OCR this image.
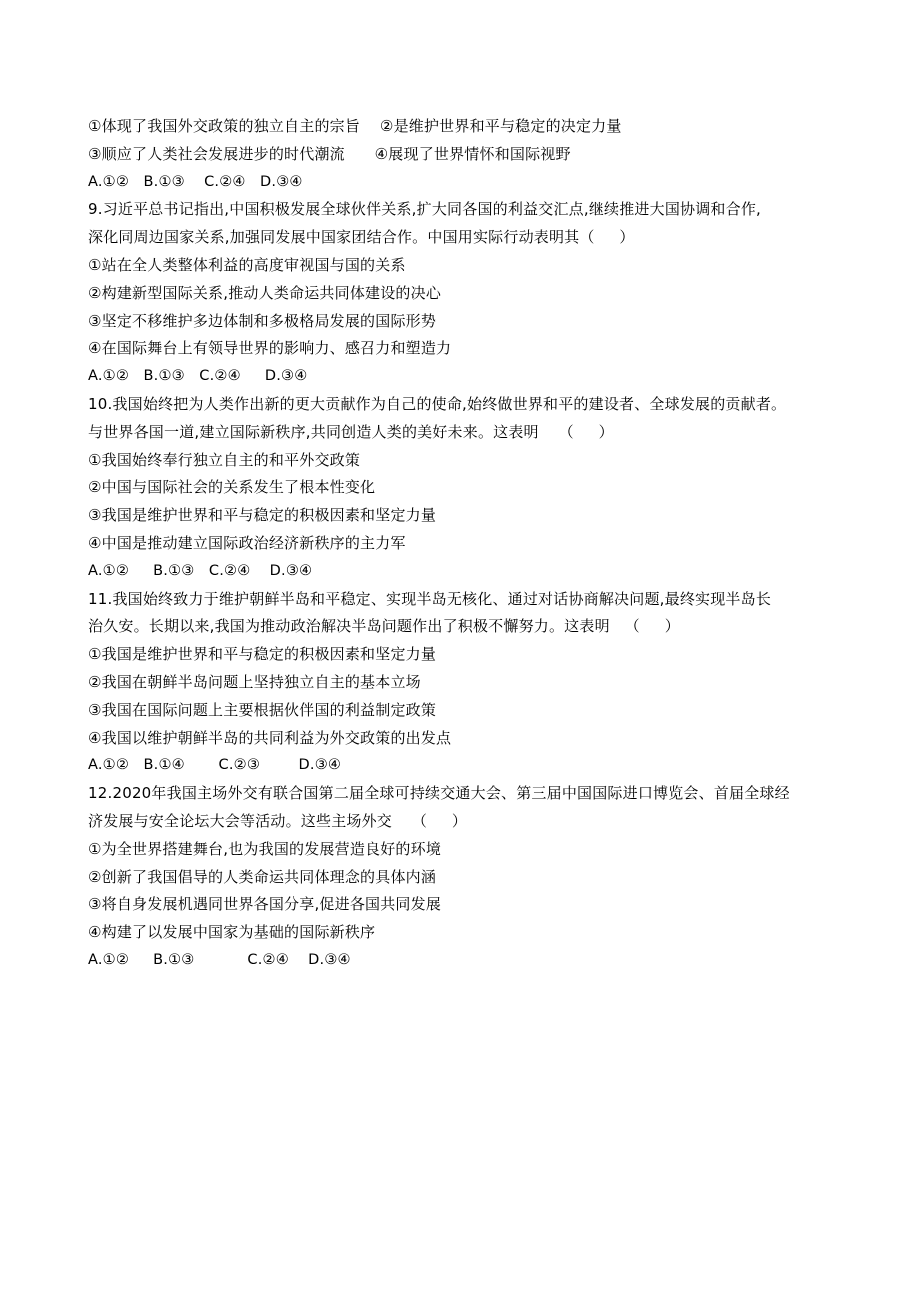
①体现了我国外交政策的独立自主的宗旨    ②是维护世界和平与稳定的决定力量
③顺应了人类社会发展进步的时代潮流      ④展现了世界情怀和国际视野
A.①②   B.①③    C.②④   D.③④
9.习近平总书记指出,中国积极发展全球伙伴关系,扩大同各国的利益交汇点,继续推进大国协调和合作,
深化同周边国家关系,加强同发展中国家团结合作。中国用实际行动表明其（     ）
①站在全人类整体利益的高度审视国与国的关系
②构建新型国际关系,推动人类命运共同体建设的决心
③坚定不移维护多边体制和多极格局发展的国际形势
④在国际舞台上有领导世界的影响力、感召力和塑造力
A.①②   B.①③   C.②④     D.③④
10.我国始终把为人类作出新的更大贡献作为自己的使命,始终做世界和平的建设者、全球发展的贡献者。
与世界各国一道,建立国际新秩序,共同创造人类的美好未来。这表明    （     ）
①我国始终奉行独立自主的和平外交政策
②中国与国际社会的关系发生了根本性变化
③我国是维护世界和平与稳定的积极因素和坚定力量
④中国是推动建立国际政治经济新秩序的主力军
A.①②     B.①③   C.②④    D.③④
11.我国始终致力于维护朝鲜半岛和平稳定、实现半岛无核化、通过对话协商解决问题,最终实现半岛长
治久安。长期以来,我国为推动政治解决半岛问题作出了积极不懈努力。这表明   （     ）
①我国是维护世界和平与稳定的积极因素和坚定力量
②我国在朝鲜半岛问题上坚持独立自主的基本立场
③我国在国际问题上主要根据伙伴国的利益制定政策
④我国以维护朝鲜半岛的共同利益为外交政策的出发点
A.①②   B.①④       C.②③        D.③④
12.2020年我国主场外交有联合国第二届全球可持续交通大会、第三届中国国际进口博览会、首届全球经
济发展与安全论坛大会等活动。这些主场外交    （     ）
①为全世界搭建舞台,也为我国的发展营造良好的环境
②创新了我国倡导的人类命运共同体理念的具体内涵
③将自身发展机遇同世界各国分享,促进各国共同发展
④构建了以发展中国家为基础的国际新秩序
A.①②     B.①③           C.②④    D.③④
